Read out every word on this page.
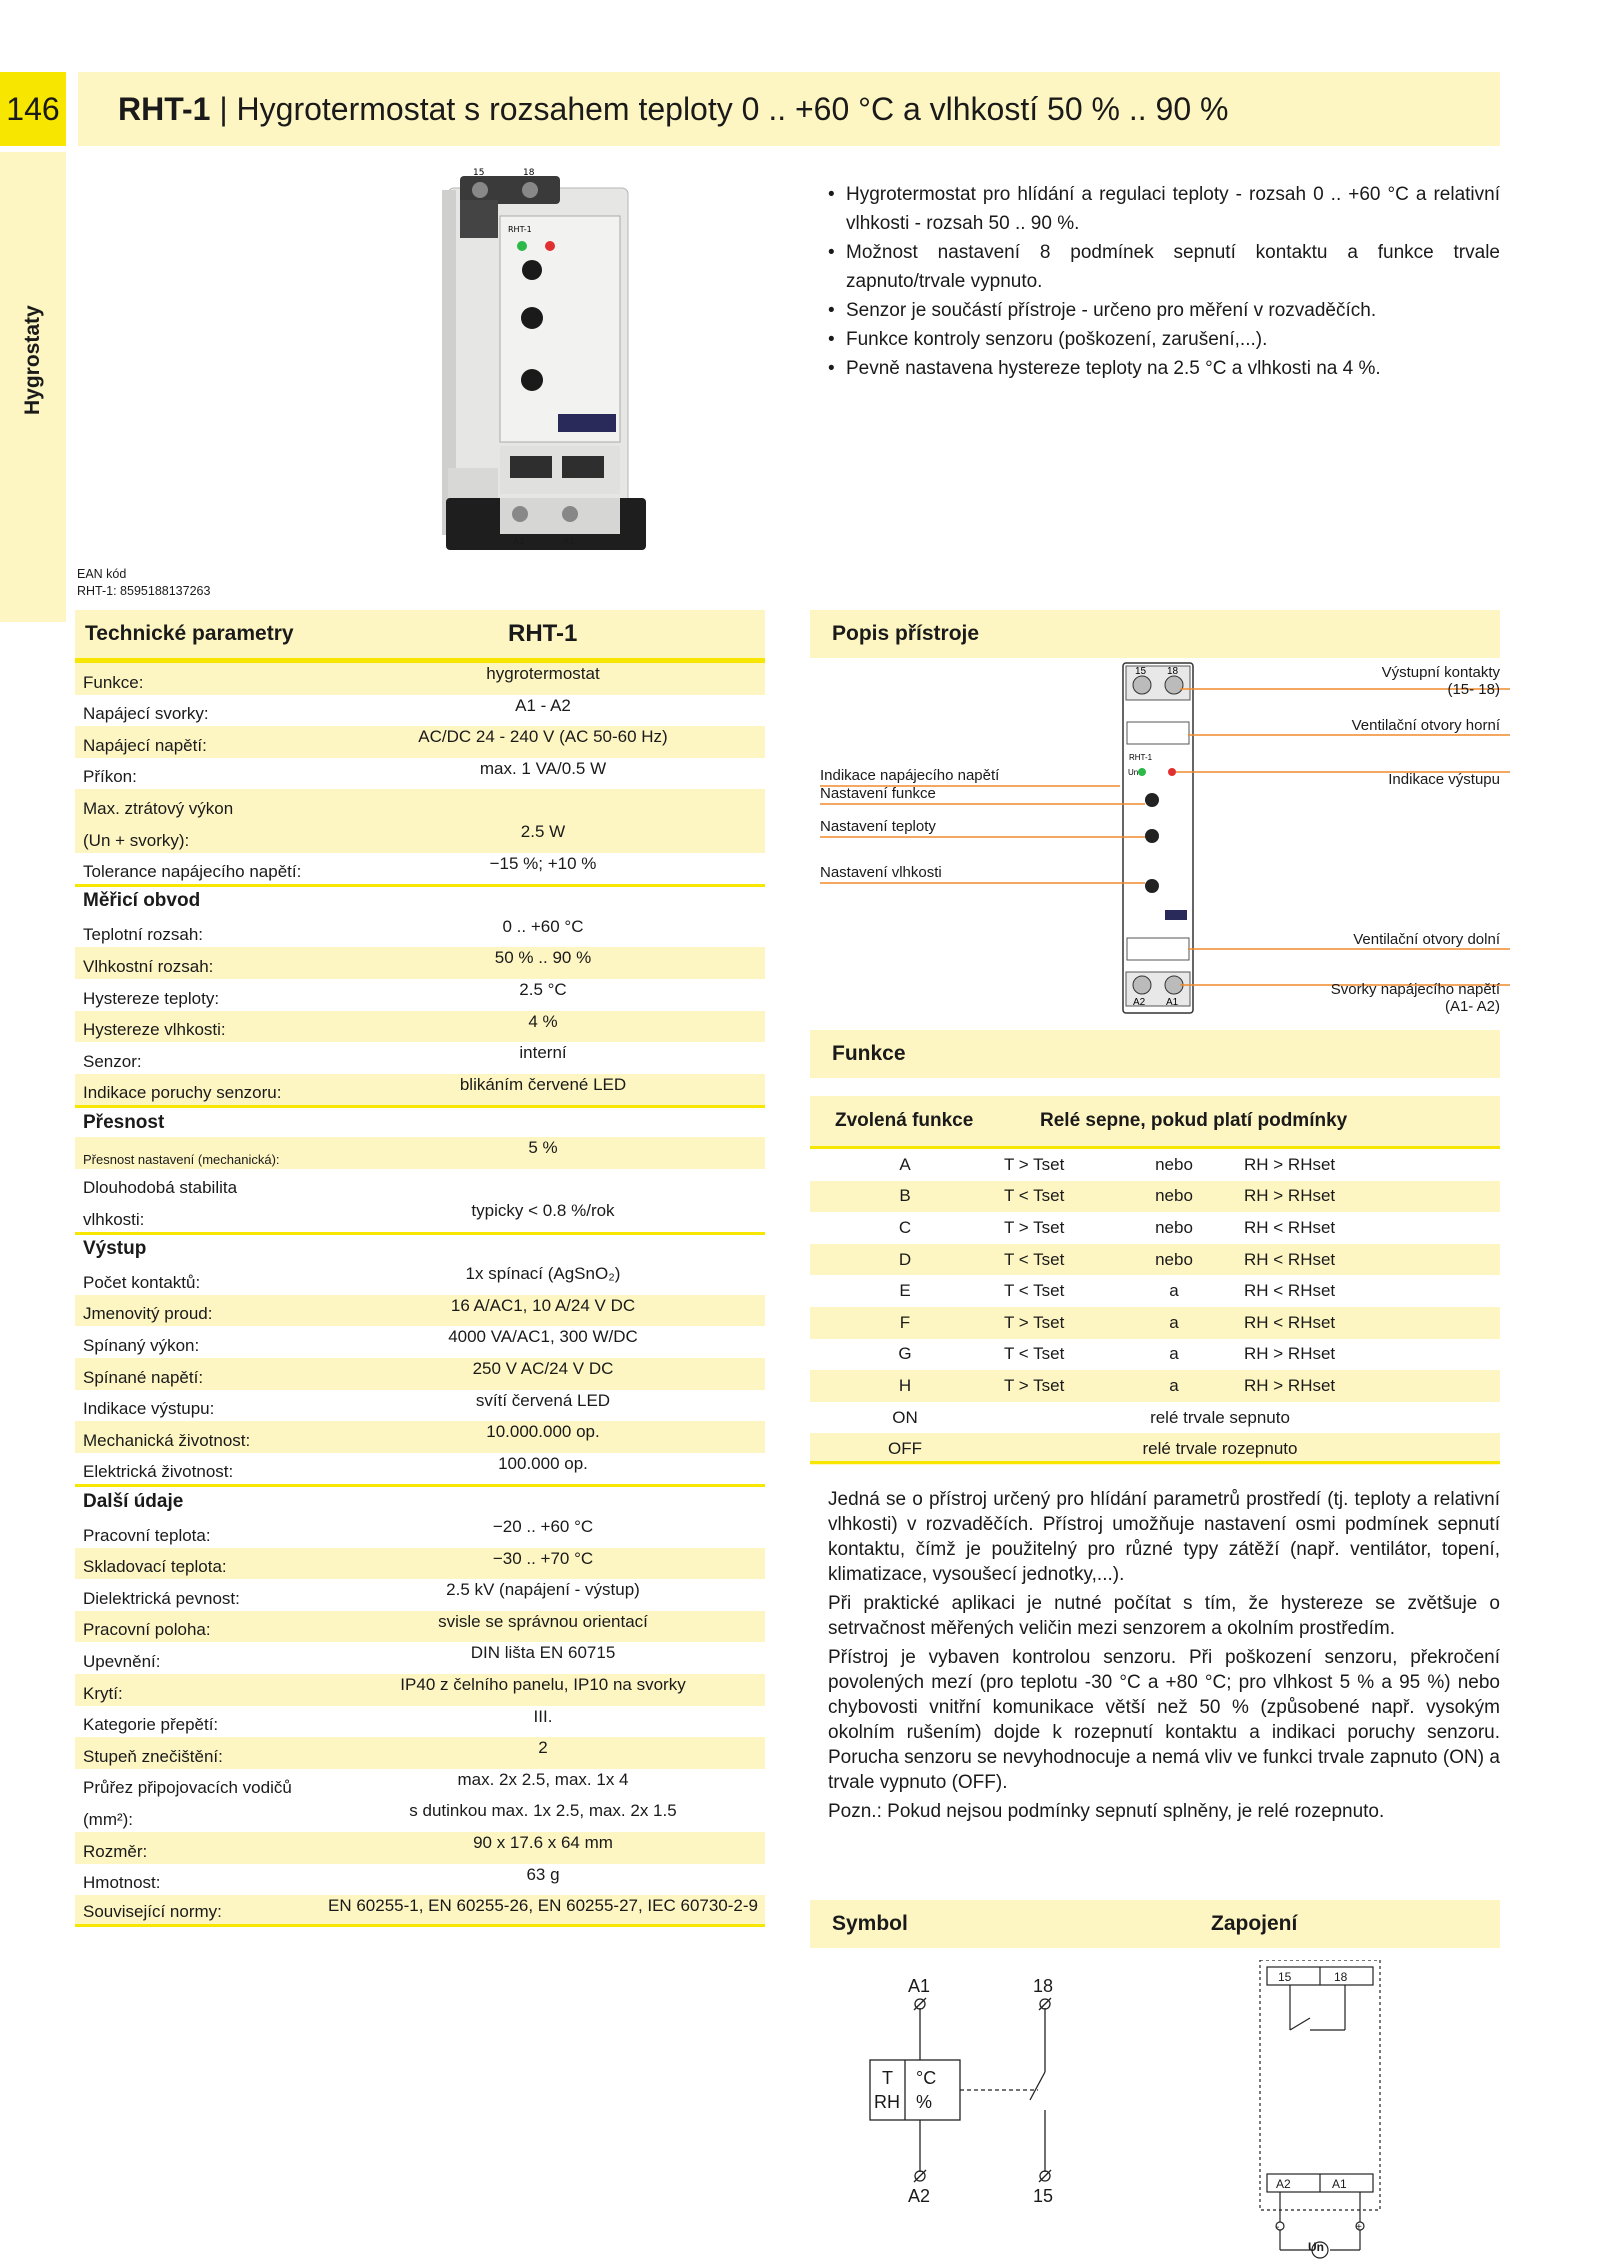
146	RHT-1 | Hygrotermostat s rozsahem teploty 0 .. +60 °C a vlhkostí 50 % .. 90 %
Hygrostaty
15	18
RHT-1
A2	A1
EAN kód
RHT-1: 8595188137263
• Hygrotermostat pro hlídání a regulaci teploty - rozsah 0 .. +60 °C a relativní vlhkosti - rozsah 50 .. 90 %.
• Možnost nastavení 8 podmínek sepnutí kontaktu a funkce trvale zapnuto/trvale vypnuto.
• Senzor je součástí přístroje - určeno pro měření v rozvaděčích.
• Funkce kontroly senzoru (poškození, zarušení,...).
• Pevně nastavena hystereze teploty na 2.5 °C a vlhkosti na 4 %.
Technické parametry	RHT-1
Funkce:	hygrotermostat
Napájecí svorky:	A1 - A2
Napájecí napětí:	AC/DC 24 - 240 V (AC 50-60 Hz)
Příkon:	max. 1 VA/0.5 W
Max. ztrátový výkon
(Un + svorky):	2.5 W
Tolerance napájecího napětí:	−15 %; +10 %
Měřicí obvod
Teplotní rozsah:	0 .. +60 °C
Vlhkostní rozsah:	50 % .. 90 %
Hystereze teploty:	2.5 °C
Hystereze vlhkosti:	4 %
Senzor:	interní
Indikace poruchy senzoru:	blikáním červené LED
Přesnost
Přesnost nastavení (mechanická):
5 %
Dlouhodobá stabilita
vlhkosti:	typicky < 0.8 %/rok
Výstup
Počet kontaktů:	1x spínací (AgSnO₂)
Jmenovitý proud:	16 A/AC1, 10 A/24 V DC
Spínaný výkon:	4000 VA/AC1, 300 W/DC
Spínané napětí:	250 V AC/24 V DC
Indikace výstupu:	svítí červená LED
Mechanická životnost:	10.000.000 op.
Elektrická životnost:	100.000 op.
Další údaje
Pracovní teplota:	−20 .. +60 °C
Skladovací teplota:	−30 .. +70 °C
Dielektrická pevnost:	2.5 kV (napájení - výstup)
Pracovní poloha:	svisle se správnou orientací
Upevnění:	DIN lišta EN 60715
Krytí:	IP40 z čelního panelu, IP10 na svorky
Kategorie přepětí:	III.
Stupeň znečištění:	2
Průřez připojovacích vodičů	max. 2x 2.5, max. 1x 4
(mm²):	s dutinkou max. 1x 2.5, max. 2x 1.5
Rozměr:	90 x 17.6 x 64 mm
Hmotnost:	63 g
Související normy:	EN 60255-1, EN 60255-26, EN 60255-27, IEC 60730-2-9
Popis přístroje
15 18
RHT-1
Un
A2 A1
Indikace napájecího napětí
Nastavení funkce
Nastavení teploty
Nastavení vlhkosti
Výstupní kontakty
(15- 18)
Ventilační otvory horní
Indikace výstupu
Ventilační otvory dolní
Svorky napájecího napětí
(A1- A2)
Funkce
Zvolená funkce	Relé sepne, pokud platí podmínky
A	T > Tset	nebo	RH > RHset
B	T < Tset	nebo	RH > RHset
C	T > Tset	nebo	RH < RHset
D	T < Tset	nebo	RH < RHset
E	T < Tset	a	RH < RHset
F	T > Tset	a	RH < RHset
G	T < Tset	a	RH > RHset
H	T > Tset	a	RH > RHset
ON	relé trvale sepnuto
OFF	relé trvale rozepnuto

Jedná se o přístroj určený pro hlídání parametrů prostředí (tj. teploty a relativní vlhkosti) v rozvaděčích. Přístroj umožňuje nastavení osmi podmínek sepnutí kontaktu, čímž je použitelný pro různé typy zátěží (např. ventilátor, topení, klimatizace, vysoušecí jednotky,...).

Při praktické aplikaci je nutné počítat s tím, že hystereze se zvětšuje o setrvačnost měřených veličin mezi senzorem a okolním prostředím.

Přístroj je vybaven kontrolou senzoru. Při poškození senzoru, překročení povolených mezí (pro teplotu -30 °C a +80 °C; pro vlhkost 5 % a 95 %) nebo chybovosti vnitřní komunikace větší než 50 % (způsobené např. vysokým okolním rušením) dojde k rozepnutí kontaktu a indikaci poruchy senzoru. Porucha senzoru se nevyhodnocuje a nemá vliv ve funkci trvale zapnuto (ON) a trvale vypnuto (OFF).

Pozn.: Pokud nejsou podmínky sepnutí splněny, je relé rozepnuto.

Symbol	Zapojení
A1	18
A2	15
T
RH
°C
%
15	18
A2	A1
-	+
Un
